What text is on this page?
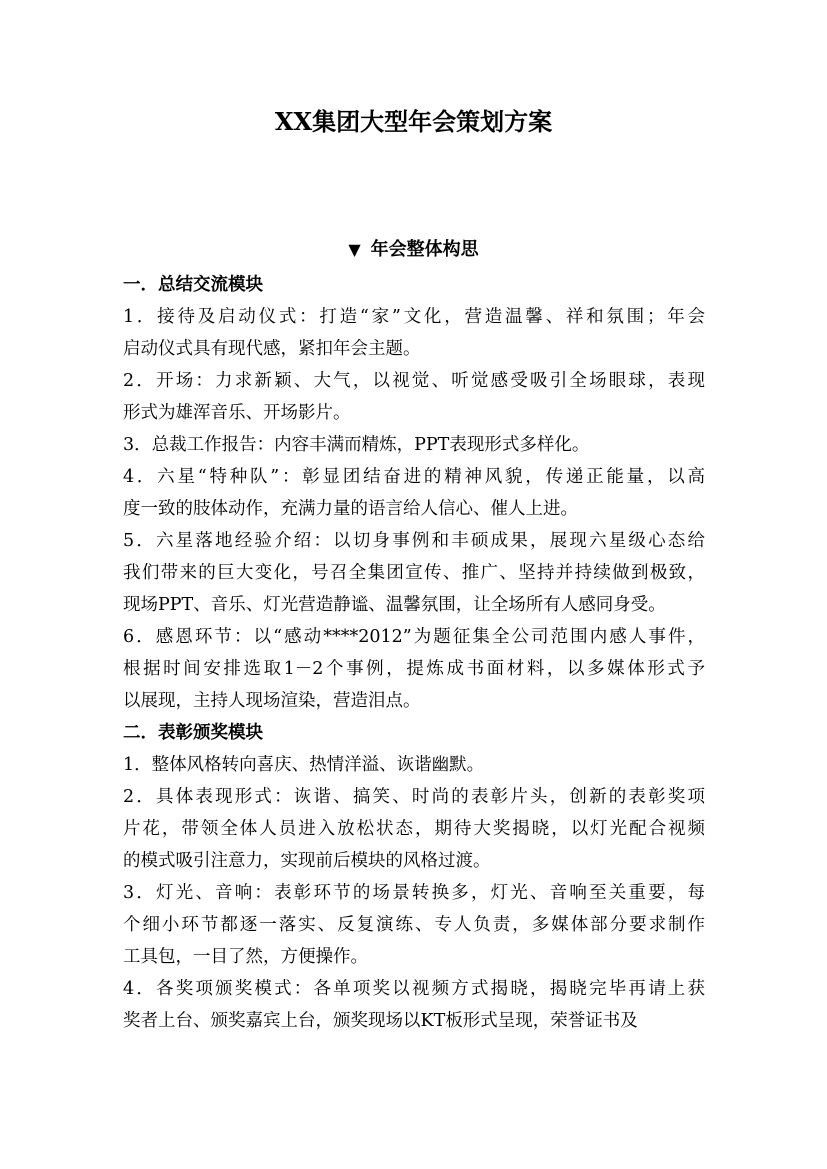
XX集团大型年会策划方案
▼ 年会整体构思
一．总结交流模块
1．接待及启动仪式：打造“家”文化，营造温馨、祥和氛围；年会
启动仪式具有现代感，紧扣年会主题。
2．开场：力求新颖、大气，以视觉、听觉感受吸引全场眼球，表现
形式为雄浑音乐、开场影片。
3．总裁工作报告：内容丰满而精炼，PPT表现形式多样化。
4．六星“特种队”：彰显团结奋进的精神风貌，传递正能量，以高
度一致的肢体动作，充满力量的语言给人信心、催人上进。
5．六星落地经验介绍：以切身事例和丰硕成果，展现六星级心态给
我们带来的巨大变化，号召全集团宣传、推广、坚持并持续做到极致，
现场PPT、音乐、灯光营造静谧、温馨氛围，让全场所有人感同身受。
6．感恩环节：以“感动****2012”为题征集全公司范围内感人事件，
根据时间安排选取1－2个事例，提炼成书面材料，以多媒体形式予
以展现，主持人现场渲染，营造泪点。
二．表彰颁奖模块
1．整体风格转向喜庆、热情洋溢、诙谐幽默。
2．具体表现形式：诙谐、搞笑、时尚的表彰片头，创新的表彰奖项
片花，带领全体人员进入放松状态，期待大奖揭晓，以灯光配合视频
的模式吸引注意力，实现前后模块的风格过渡。
3．灯光、音响：表彰环节的场景转换多，灯光、音响至关重要，每
个细小环节都逐一落实、反复演练、专人负责，多媒体部分要求制作
工具包，一目了然，方便操作。
4．各奖项颁奖模式：各单项奖以视频方式揭晓，揭晓完毕再请上获
奖者上台、颁奖嘉宾上台，颁奖现场以KT板形式呈现，荣誉证书及
